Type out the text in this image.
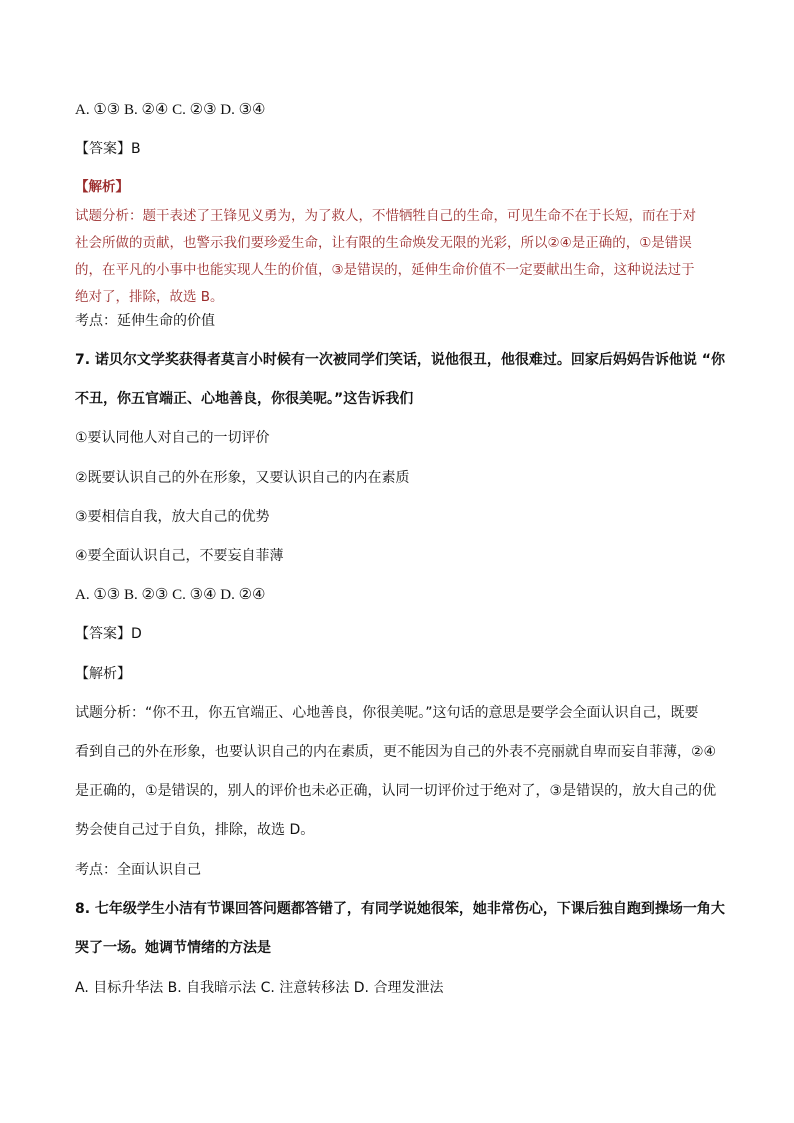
A. ①③ B. ②④ C. ②③ D. ③④
【答案】B
【解析】
试题分析：题干表述了王锋见义勇为，为了救人，不惜牺牲自己的生命，可见生命不在于长短，而在于对
社会所做的贡献，也警示我们要珍爱生命，让有限的生命焕发无限的光彩，所以②④是正确的，①是错误
的，在平凡的小事中也能实现人生的价值，③是错误的，延伸生命价值不一定要献出生命，这种说法过于
绝对了，排除，故选 B。
考点：延伸生命的价值
7. 诺贝尔文学奖获得者莫言小时候有一次被同学们笑话，说他很丑，他很难过。回家后妈妈告诉他说 “你
不丑，你五官端正、心地善良，你很美呢。”这告诉我们
①要认同他人对自己的一切评价
②既要认识自己的外在形象，又要认识自己的内在素质
③要相信自我，放大自己的优势
④要全面认识自己，不要妄自菲薄
A. ①③ B. ②③ C. ③④ D. ②④
【答案】D
【解析】
试题分析：“你不丑，你五官端正、心地善良，你很美呢。”这句话的意思是要学会全面认识自己，既要
看到自己的外在形象，也要认识自己的内在素质，更不能因为自己的外表不亮丽就自卑而妄自菲薄，②④
是正确的，①是错误的，别人的评价也未必正确，认同一切评价过于绝对了，③是错误的，放大自己的优
势会使自己过于自负，排除，故选 D。
考点：全面认识自己
8. 七年级学生小洁有节课回答问题都答错了，有同学说她很笨，她非常伤心，下课后独自跑到操场一角大
哭了一场。她调节情绪的方法是
A. 目标升华法 B. 自我暗示法 C. 注意转移法 D. 合理发泄法
